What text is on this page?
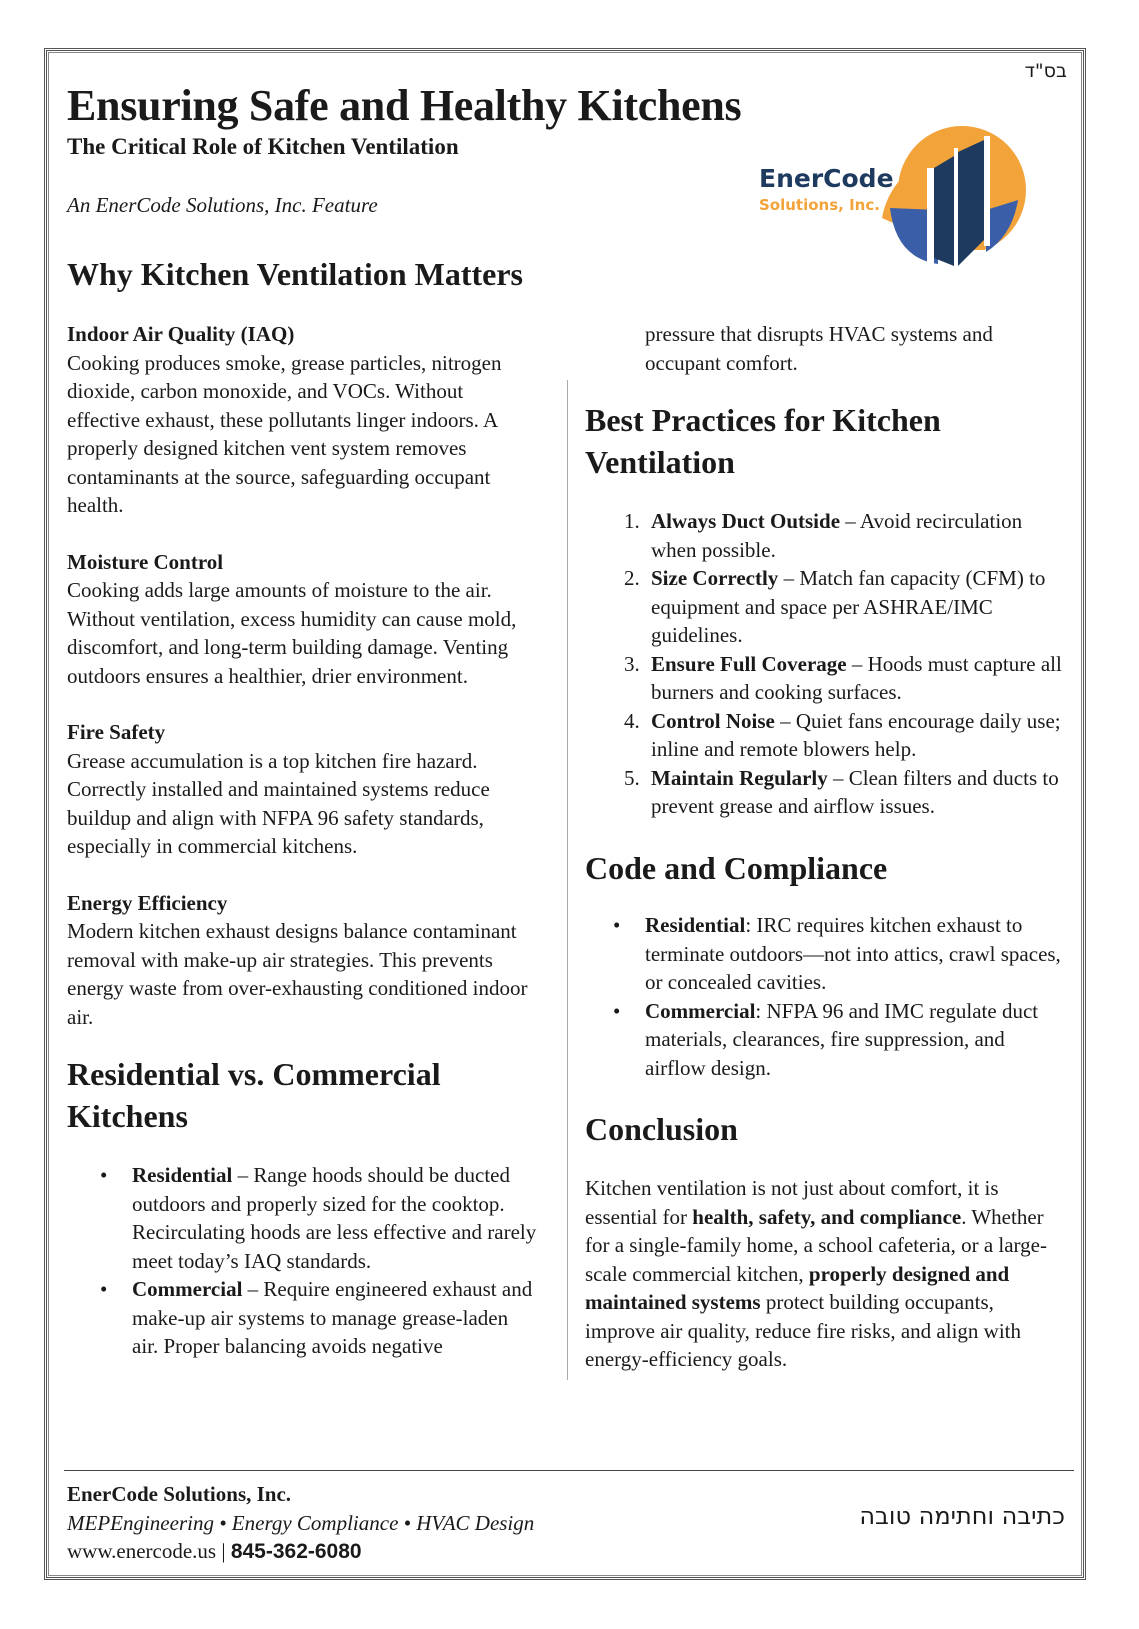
בס"ד
Ensuring Safe and Healthy Kitchens

The Critical Role of Kitchen Ventilation

An EnerCode Solutions, Inc. Feature

EnerCode
Solutions, Inc.
Why Kitchen Ventilation Matters
Indoor Air Quality (IAQ)
Cooking produces smoke, grease particles, nitrogen dioxide, carbon monoxide, and VOCs. Without effective exhaust, these pollutants linger indoors. A properly designed kitchen vent system removes contaminants at the source, safeguarding occupant health.
Moisture Control
Cooking adds large amounts of moisture to the air. Without ventilation, excess humidity can cause mold, discomfort, and long-term building damage. Venting outdoors ensures a healthier, drier environment.
Fire Safety
Grease accumulation is a top kitchen fire hazard. Correctly installed and maintained systems reduce buildup and align with NFPA 96 safety standards, especially in commercial kitchens.
Energy Efficiency
Modern kitchen exhaust designs balance contaminant removal with make-up air strategies. This prevents energy waste from over-exhausting conditioned indoor air.
Residential vs. Commercial Kitchens
• Residential – Range hoods should be ducted outdoors and properly sized for the cooktop. Recirculating hoods are less effective and rarely meet today’s IAQ standards.
• Commercial – Require engineered exhaust and make-up air systems to manage grease-laden air. Proper balancing avoids negative

pressure that disrupts HVAC systems and occupant comfort.

Best Practices for Kitchen Ventilation
1. Always Duct Outside – Avoid recirculation when possible.
2. Size Correctly – Match fan capacity (CFM) to equipment and space per ASHRAE/IMC guidelines.
3. Ensure Full Coverage – Hoods must capture all burners and cooking surfaces.
4. Control Noise – Quiet fans encourage daily use; inline and remote blowers help.
5. Maintain Regularly – Clean filters and ducts to prevent grease and airflow issues.
Code and Compliance
• Residential: IRC requires kitchen exhaust to terminate outdoors—not into attics, crawl spaces, or concealed cavities.
• Commercial: NFPA 96 and IMC regulate duct materials, clearances, fire suppression, and airflow design.
Conclusion

Kitchen ventilation is not just about comfort, it is essential for health, safety, and compliance. Whether for a single-family home, a school cafeteria, or a large-scale commercial kitchen, properly designed and maintained systems protect building occupants, improve air quality, reduce fire risks, and align with energy-efficiency goals.

EnerCode Solutions, Inc.
MEPEngineering • Energy Compliance • HVAC Design
www.enercode.us | 845-362-6080
כתיבה וחתימה טובה
